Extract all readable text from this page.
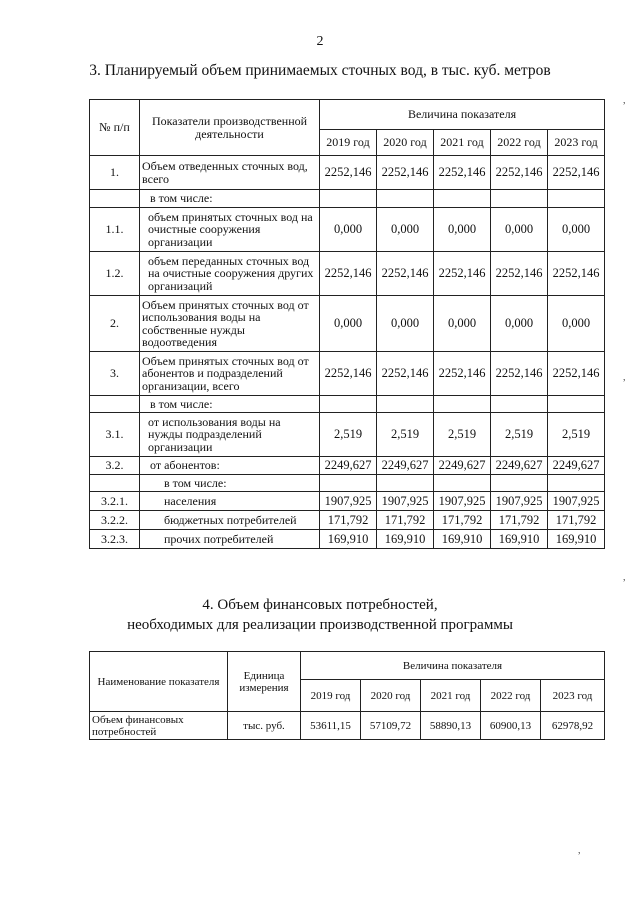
2
3. Планируемый объем принимаемых сточных вод, в тыс. куб. метров
№ п/п	Показатели производственной деятельности	Величина показателя				
		2019 год	2020 год	2021 год	2022 год	2023 год
1.	Объем отведенных сточных вод, всего	2252,146	2252,146	2252,146	2252,146	2252,146
	в том числе:					
1.1.	объем принятых сточных вод на очистные сооружения организации	0,000	0,000	0,000	0,000	0,000
1.2.	объем переданных сточных вод на очистные сооружения других организаций	2252,146	2252,146	2252,146	2252,146	2252,146
2.	Объем принятых сточных вод от использования воды на собственные нужды водоотведения	0,000	0,000	0,000	0,000	0,000
3.	Объем принятых сточных вод от абонентов и подразделений организации, всего	2252,146	2252,146	2252,146	2252,146	2252,146
	в том числе:					
3.1.	от использования воды на нужды подразделений организации	2,519	2,519	2,519	2,519	2,519
3.2.	от абонентов:	2249,627	2249,627	2249,627	2249,627	2249,627
	в том числе:					
3.2.1.	населения	1907,925	1907,925	1907,925	1907,925	1907,925
3.2.2.	бюджетных потребителей	171,792	171,792	171,792	171,792	171,792
3.2.3.	прочих потребителей	169,910	169,910	169,910	169,910	169,910
4. Объем финансовых потребностей,
необходимых для реализации производственной программы
Наименование показателя	Единица измерения	Величина показателя				
		2019 год	2020 год	2021 год	2022 год	2023 год
Объем финансовых потребностей	тыс. руб.	53611,15	57109,72	58890,13	60900,13	62978,92
,
,
,
,
